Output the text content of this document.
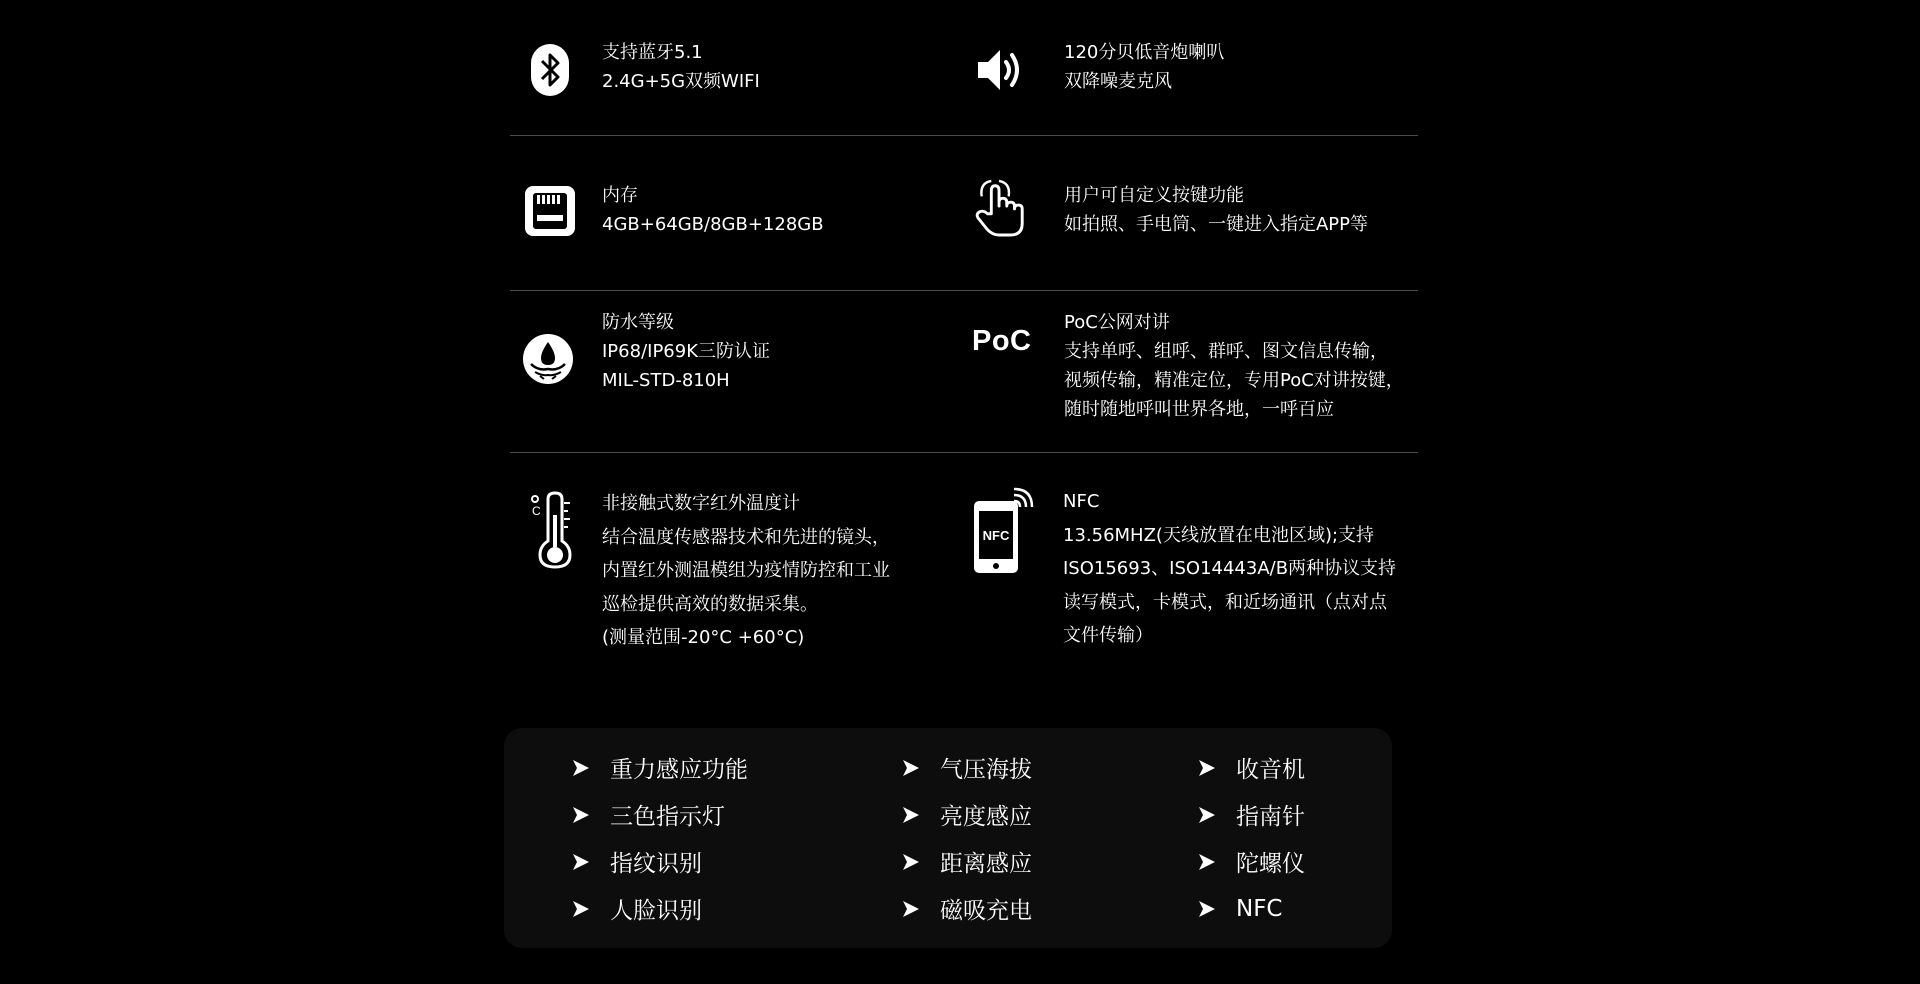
支持蓝牙5.1
2.4G+5G双频WIFI
120分贝低音炮喇叭
双降噪麦克风
内存
4GB+64GB/8GB+128GB
用户可自定义按键功能
如拍照、手电筒、一键进入指定APP等
防水等级
IP68/IP69K三防认证
MIL-STD-810H
PoC
PoC公网对讲
支持单呼、组呼、群呼、图文信息传输，
视频传输，精准定位，专用PoC对讲按键，
随时随地呼叫世界各地，一呼百应
C	非接触式数字红外温度计
结合温度传感器技术和先进的镜头，
内置红外测温模组为疫情防控和工业
巡检提供高效的数据采集。
(测量范围-20°C +60°C)
NFC
NFC
13.56MHZ(天线放置在电池区域);支持
ISO15693、ISO14443A/B两种协议支持
读写模式，卡模式，和近场通讯（点对点
文件传输）
重力感应功能
三色指示灯
指纹识别
人脸识别
气压海拔
亮度感应
距离感应
磁吸充电
收音机
指南针
陀螺仪
NFC
